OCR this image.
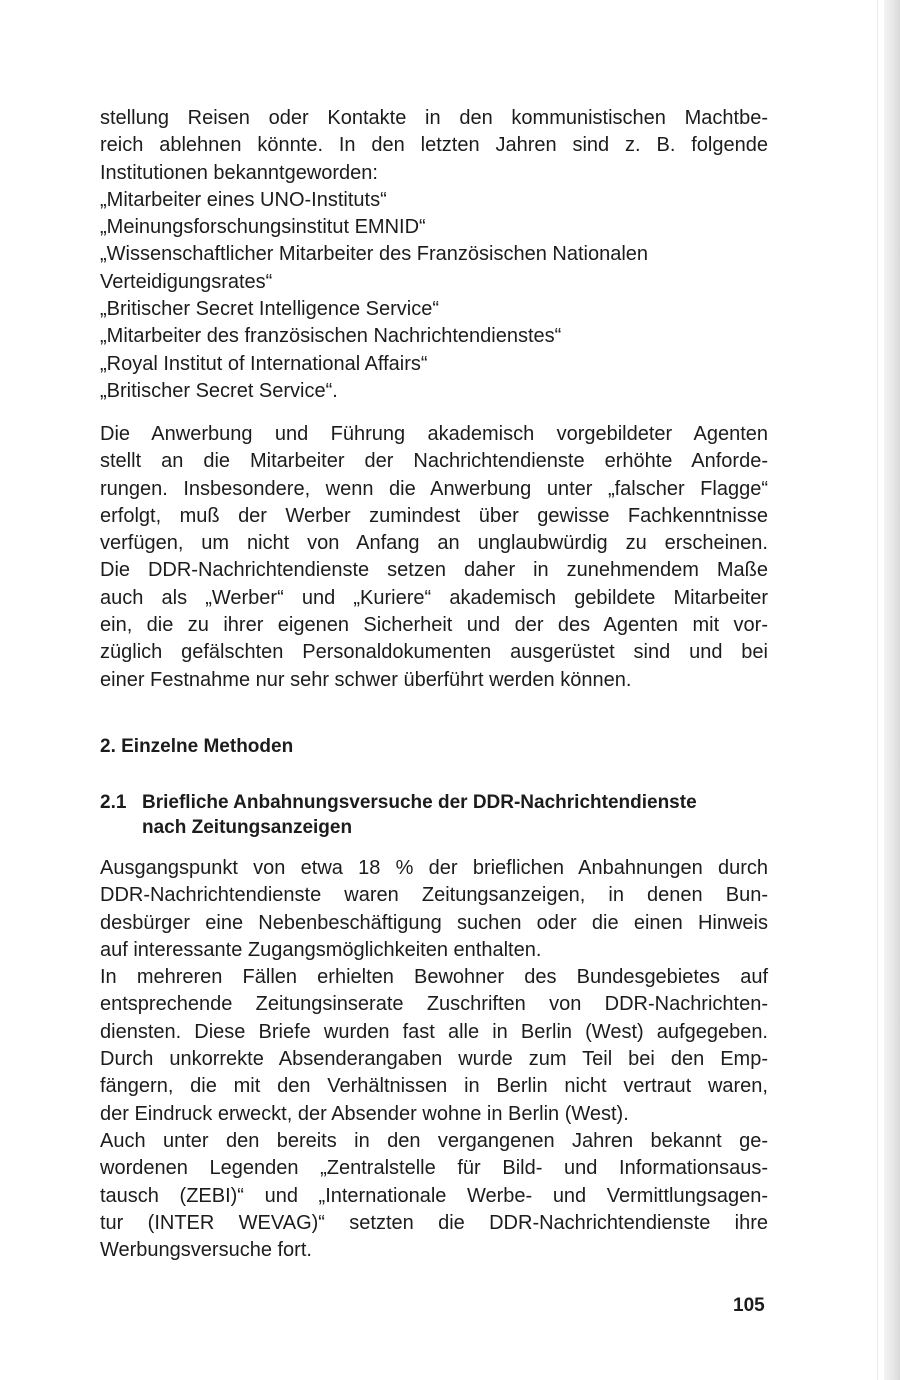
stellung Reisen oder Kontakte in den kommunistischen Machtbe-
reich ablehnen könnte. In den letzten Jahren sind z. B. folgende
Institutionen bekanntgeworden:
„Mitarbeiter eines UNO-Instituts“
„Meinungsforschungsinstitut EMNID“
„Wissenschaftlicher Mitarbeiter des Französischen Nationalen
Verteidigungsrates“
„Britischer Secret Intelligence Service“
„Mitarbeiter des französischen Nachrichtendienstes“
„Royal Institut of International Affairs“
„Britischer Secret Service“.
Die Anwerbung und Führung akademisch vorgebildeter Agenten
stellt an die Mitarbeiter der Nachrichtendienste erhöhte Anforde-
rungen. Insbesondere, wenn die Anwerbung unter „falscher Flagge“
erfolgt, muß der Werber zumindest über gewisse Fachkenntnisse
verfügen, um nicht von Anfang an unglaubwürdig zu erscheinen.
Die DDR-Nachrichtendienste setzen daher in zunehmendem Maße
auch als „Werber“ und „Kuriere“ akademisch gebildete Mitarbeiter
ein, die zu ihrer eigenen Sicherheit und der des Agenten mit vor-
züglich gefälschten Personaldokumenten ausgerüstet sind und bei
einer Festnahme nur sehr schwer überführt werden können.
2. Einzelne Methoden
2.1 Briefliche Anbahnungsversuche der DDR-Nachrichtendienste
nach Zeitungsanzeigen
Ausgangspunkt von etwa 18 % der brieflichen Anbahnungen durch
DDR-Nachrichtendienste waren Zeitungsanzeigen, in denen Bun-
desbürger eine Nebenbeschäftigung suchen oder die einen Hinweis
auf interessante Zugangsmöglichkeiten enthalten.
In mehreren Fällen erhielten Bewohner des Bundesgebietes auf
entsprechende Zeitungsinserate Zuschriften von DDR-Nachrichten-
diensten. Diese Briefe wurden fast alle in Berlin (West) aufgegeben.
Durch unkorrekte Absenderangaben wurde zum Teil bei den Emp-
fängern, die mit den Verhältnissen in Berlin nicht vertraut waren,
der Eindruck erweckt, der Absender wohne in Berlin (West).
Auch unter den bereits in den vergangenen Jahren bekannt ge-
wordenen Legenden „Zentralstelle für Bild- und Informationsaus-
tausch (ZEBI)“ und „Internationale Werbe- und Vermittlungsagen-
tur (INTER WEVAG)“ setzten die DDR-Nachrichtendienste ihre
Werbungsversuche fort.
105
